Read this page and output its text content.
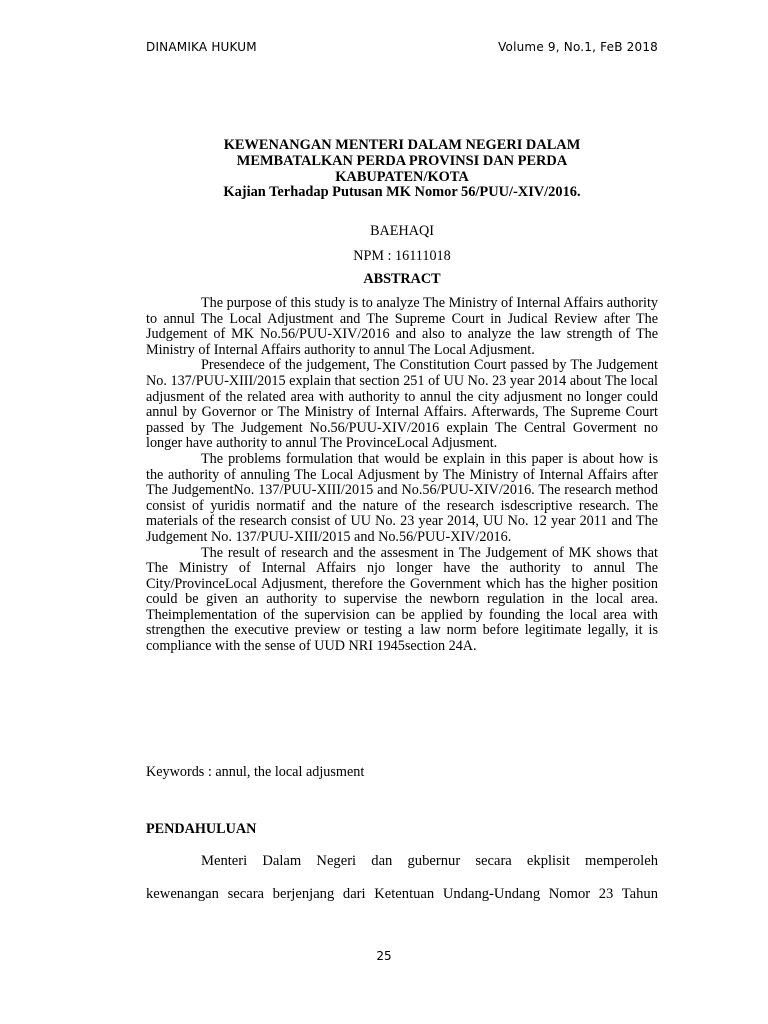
DINAMIKA HUKUM	Volume 9, No.1, FeB 2018
KEWENANGAN MENTERI DALAM NEGERI DALAM
MEMBATALKAN PERDA PROVINSI DAN PERDA
KABUPATEN/KOTA
Kajian Terhadap Putusan MK Nomor 56/PUU/-XIV/2016.
BAEHAQI
NPM : 16111018
ABSTRACT

The purpose of this study is to analyze The Ministry of Internal Affairs authority to annul The Local Adjustment and The Supreme Court in Judical Review after The Judgement of MK No.56/PUU-XIV/2016 and also to analyze the law strength of The Ministry of Internal Affairs authority to annul The Local Adjusment.

Presendece of the judgement, The Constitution Court passed by The Judgement No. 137/PUU-XIII/2015 explain that section 251 of UU No. 23 year 2014 about The local adjusment of the related area with authority to annul the city adjusment no longer could annul by Governor or The Ministry of Internal Affairs. Afterwards, The Supreme Court passed by The Judgement No.56/PUU-XIV/2016 explain The Central Goverment no longer have authority to annul The ProvinceLocal Adjusment.

The problems formulation that would be explain in this paper is about how is the authority of annuling The Local Adjusment by The Ministry of Internal Affairs after The JudgementNo. 137/PUU-XIII/2015 and No.56/PUU-XIV/2016. The research method consist of yuridis normatif and the nature of the research isdescriptive research. The materials of the research consist of UU No. 23 year 2014, UU No. 12 year 2011 and The Judgement No. 137/PUU-XIII/2015 and No.56/PUU-XIV/2016.

The result of research and the assesment in The Judgement of MK shows that The Ministry of Internal Affairs njo longer have the authority to annul The City/ProvinceLocal Adjusment, therefore the Government which has the higher position could be given an authority to supervise the newborn regulation in the local area. Theimplementation of the supervision can be applied by founding the local area with strengthen the executive preview or testing a law norm before legitimate legally, it is compliance with the sense of UUD NRI 1945section 24A.

Keywords : annul, the local adjusment
PENDAHULUAN
Menteri Dalam Negeri dan gubernur secara ekplisit memperoleh
kewenangan secara berjenjang dari Ketentuan Undang-Undang Nomor 23 Tahun
25
